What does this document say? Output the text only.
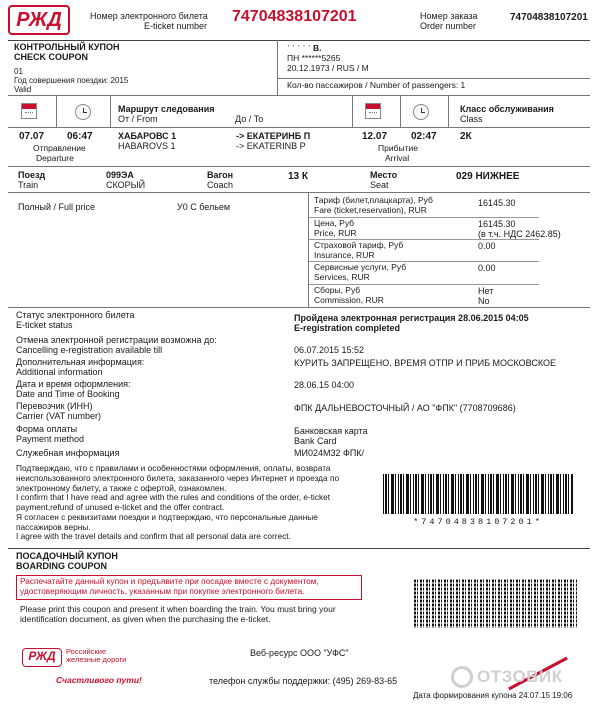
РЖД	Номер электронного билета
E-ticket number
74704838107201	Номер заказа
Order number
74704838107201
КОНТРОЛЬНЫЙ КУПОН
CHECK COUPON
01
Год совершения поездки: 2015
Valid
ˈ ˈ ˈ ˈ ˈ В.
ПН ******5265
20.12.1973 / RUS / M
Кол-во пассажиров / Number of passengers: 1
Маршрут следования
От / From	До / To
Класс обслуживания
Class
07.07 06:47	ХАБАРОВС 1
HABAROVS 1
-> ЕКАТЕРИНБ П
-> EKATERINB P
12.07 02:47 2К
Отправление
Departure
Прибытие
Arrival
Поезд
Train
099ЭА
СКОРЫЙ
Вагон
Coach
13 К	Место
Seat
029 НИЖНЕЕ
Полный / Full price	У0 С бельем
Тариф (билет,плацкарта), Руб
Fare (ticket,reservation), RUR
16145.30
Цена, Руб
Price, RUR
16145.30
(в т.ч. НДС 2462.85)
Страховой тариф, Руб
Insurance, RUR
0.00
Сервисные услуги, Руб
Services, RUR
0.00
Сборы, Руб
Commission, RUR
Нет
No
Статус электронного билета
E-ticket status
Пройдена электронная регистрация 28.06.2015 04:05
E-registration completed
Отмена электронной регистрации возможна до:
Cancelling e-registration available till	06.07.2015 15:52
Дополнительная информация:
Additional information
КУРИТЬ ЗАПРЕЩЕНО. ВРЕМЯ ОТПР И ПРИБ МОСКОВСКОЕ
Дата и время оформления:
Date and Time of Booking
28.06.15 04:00
Перевозчик (ИНН)
Carrier (VAT number)
ФПК ДАЛЬНЕВОСТОЧНЫЙ / АО "ФПК" (7708709686)
Форма оплаты
Payment method
Банковская карта
Bank Card
Служебная информация	МИ024М32 ФПК/
Подтверждаю, что с правилами и особенностями оформления, оплаты, возврата неиспользованного электронного билета, заказанного через Интернет и проезда по электронному билету, а также с офертой, ознакомлен.
I confirm that I have read and agree with the rules and conditions of the order, e-ticket payment,refund of unused e-ticket and the offer contract.
Я согласен с реквизитами поездки и подтверждаю, что персональные данные пассажиров верны.
I agree with the travel details and confirm that all personal data are correct.
*74704838107201*
ПОСАДОЧНЫЙ КУПОН
BOARDING COUPON
Распечатайте данный купон и предъявите при посадке вместе с документом, удостоверяющим личность, указанным при покупке электронного билета.
Please print this coupon and present it when boarding the train. You must bring your identification document, as given when the purchasing the e-ticket.
РЖД	Российские
железные дороги
Счастливого пути!
Веб-ресурс ООО "УФС"
телефон службы поддержки: (495) 269-83-65	ОТЗОВИК
Дата формирования купона 24.07.15 19:06
